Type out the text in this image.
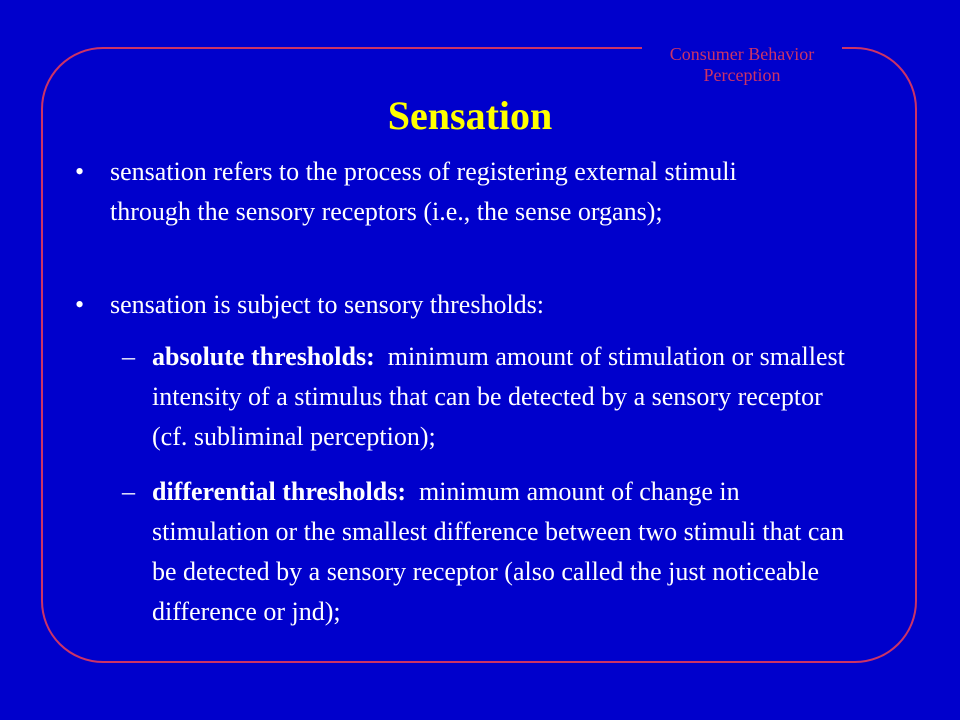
Consumer Behavior
Perception
Sensation
• sensation refers to the process of registering external stimuli through the sensory receptors (i.e., the sense organs);
• sensation is subject to sensory thresholds:
– absolute thresholds: minimum amount of stimulation or smallest intensity of a stimulus that can be detected by a sensory receptor (cf. subliminal perception);
– differential thresholds: minimum amount of change in stimulation or the smallest difference between two stimuli that can be detected by a sensory receptor (also called the just noticeable difference or jnd);
